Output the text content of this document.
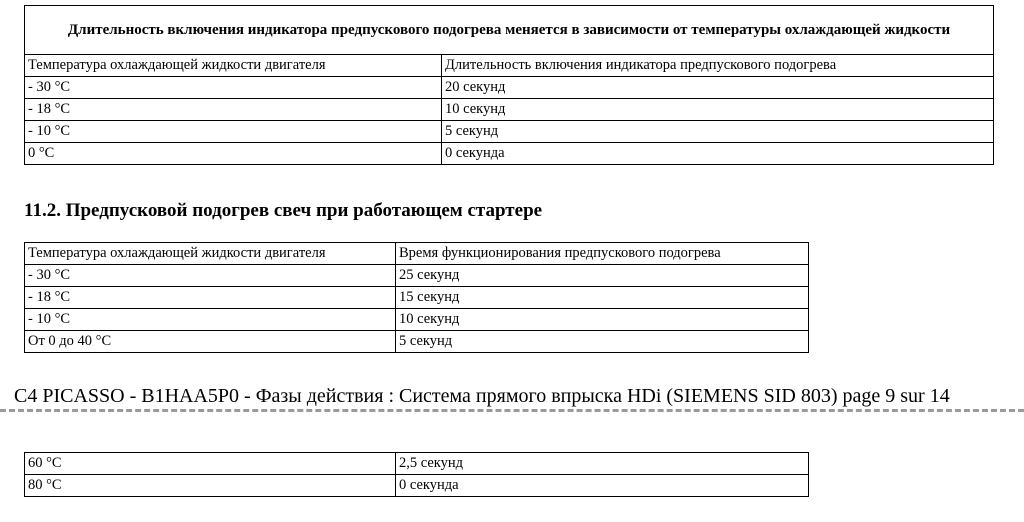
Длительность включения индикатора предпускового подогрева меняется в зависимости от температуры охлаждающей жидкости	
Температура охлаждающей жидкости двигателя	Длительность включения индикатора предпускового подогрева
- 30 °C	20 секунд
- 18 °C	10 секунд
- 10 °C	5 секунд
0 °C	0 секунда
11.2. Предпусковой подогрев свеч при работающем стартере
Температура охлаждающей жидкости двигателя	Время функционирования предпускового подогрева
- 30 °C	25 секунд
- 18 °C	15 секунд
- 10 °C	10 секунд
От 0 до 40 °C	5 секунд
C4 PICASSO - B1HAA5P0 - Фазы действия : Система прямого впрыска HDi (SIEMENS SID 803) page 9 sur 14
60 °C	2,5 секунд
80 °C	0 секунда
